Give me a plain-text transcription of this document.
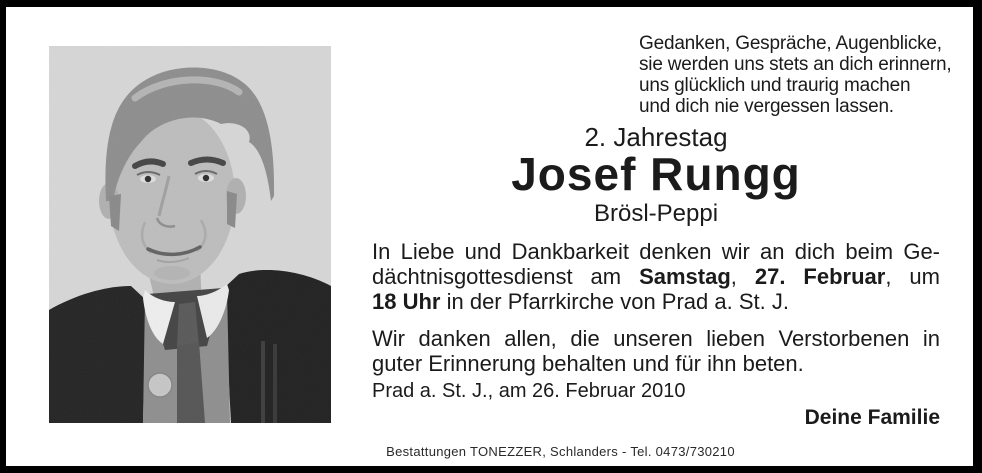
Gedanken, Gespräche, Augenblicke,
sie werden uns stets an dich erinnern,
uns glücklich und traurig machen
und dich nie vergessen lassen.
2. Jahrestag
Josef Rungg
Brösl-Peppi
In Liebe und Dankbarkeit denken wir an dich beim Ge-
dächtnisgottesdienst am Samstag, 27. Februar, um
18 Uhr in der Pfarrkirche von Prad a. St. J.
Wir danken allen, die unseren lieben Verstorbenen in
guter Erinnerung behalten und für ihn beten.
Prad a. St. J., am 26. Februar 2010
Deine Familie
Bestattungen TONEZZER, Schlanders - Tel. 0473/730210
